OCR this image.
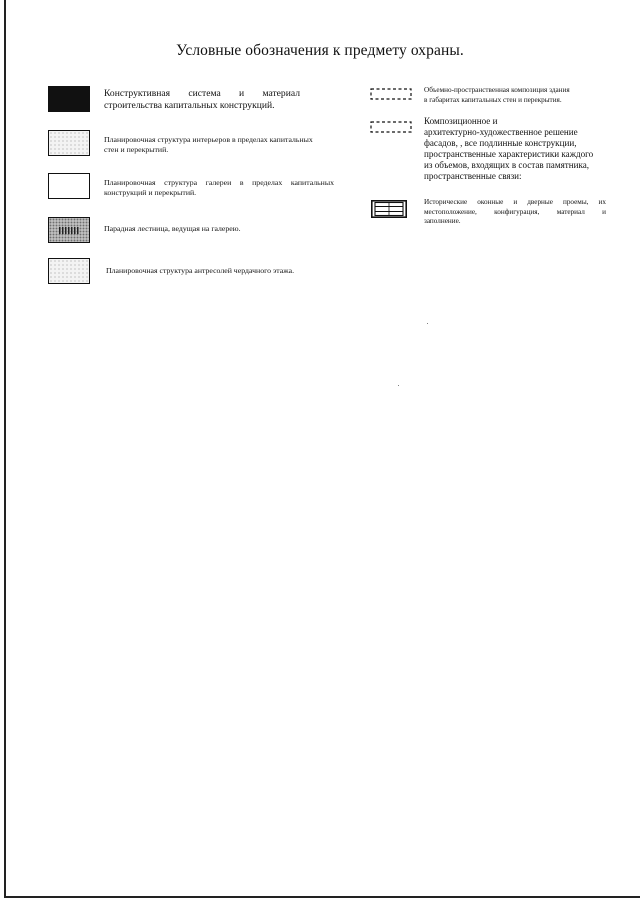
Условные обозначения к предмету охраны.
Конструктивная система и материал
строительства капитальных конструкций.
Планировочная структура интерьеров в пределах капитальных
стен и перекрытий.
Планировочная структура галереи в пределах капитальных
конструкций и перекрытий.
Парадная лестница, ведущая на галерею.
Планировочная структура антресолей чердачного этажа.
Объемно-пространственная композиция здания
в габаритах капитальных стен и перекрытия.
Композиционное и
архитектурно-художественное решение
фасадов, , все подлинные конструкции,
пространственные характеристики каждого
из объемов, входящих в состав памятника,
пространственные связи:
Исторические оконные и дверные проемы, их
местоположение, конфигурация, материал и
заполнение.
